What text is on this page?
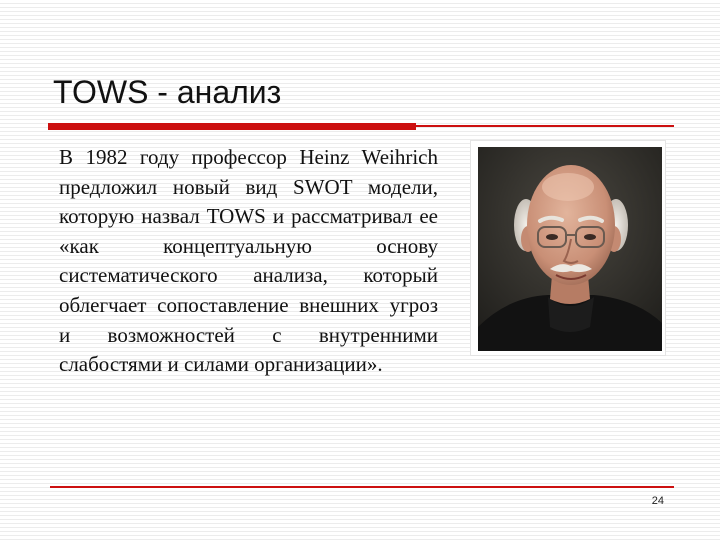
TOWS - анализ
В 1982 году профессор Heinz Weihrich предложил новый вид SWOT модели, которую назвал TOWS и рассматривал ее «как концептуальную основу систематического анализа, который облегчает сопоставление внешних угроз и возможностей с внутренними слабостями и силами организации».
24
